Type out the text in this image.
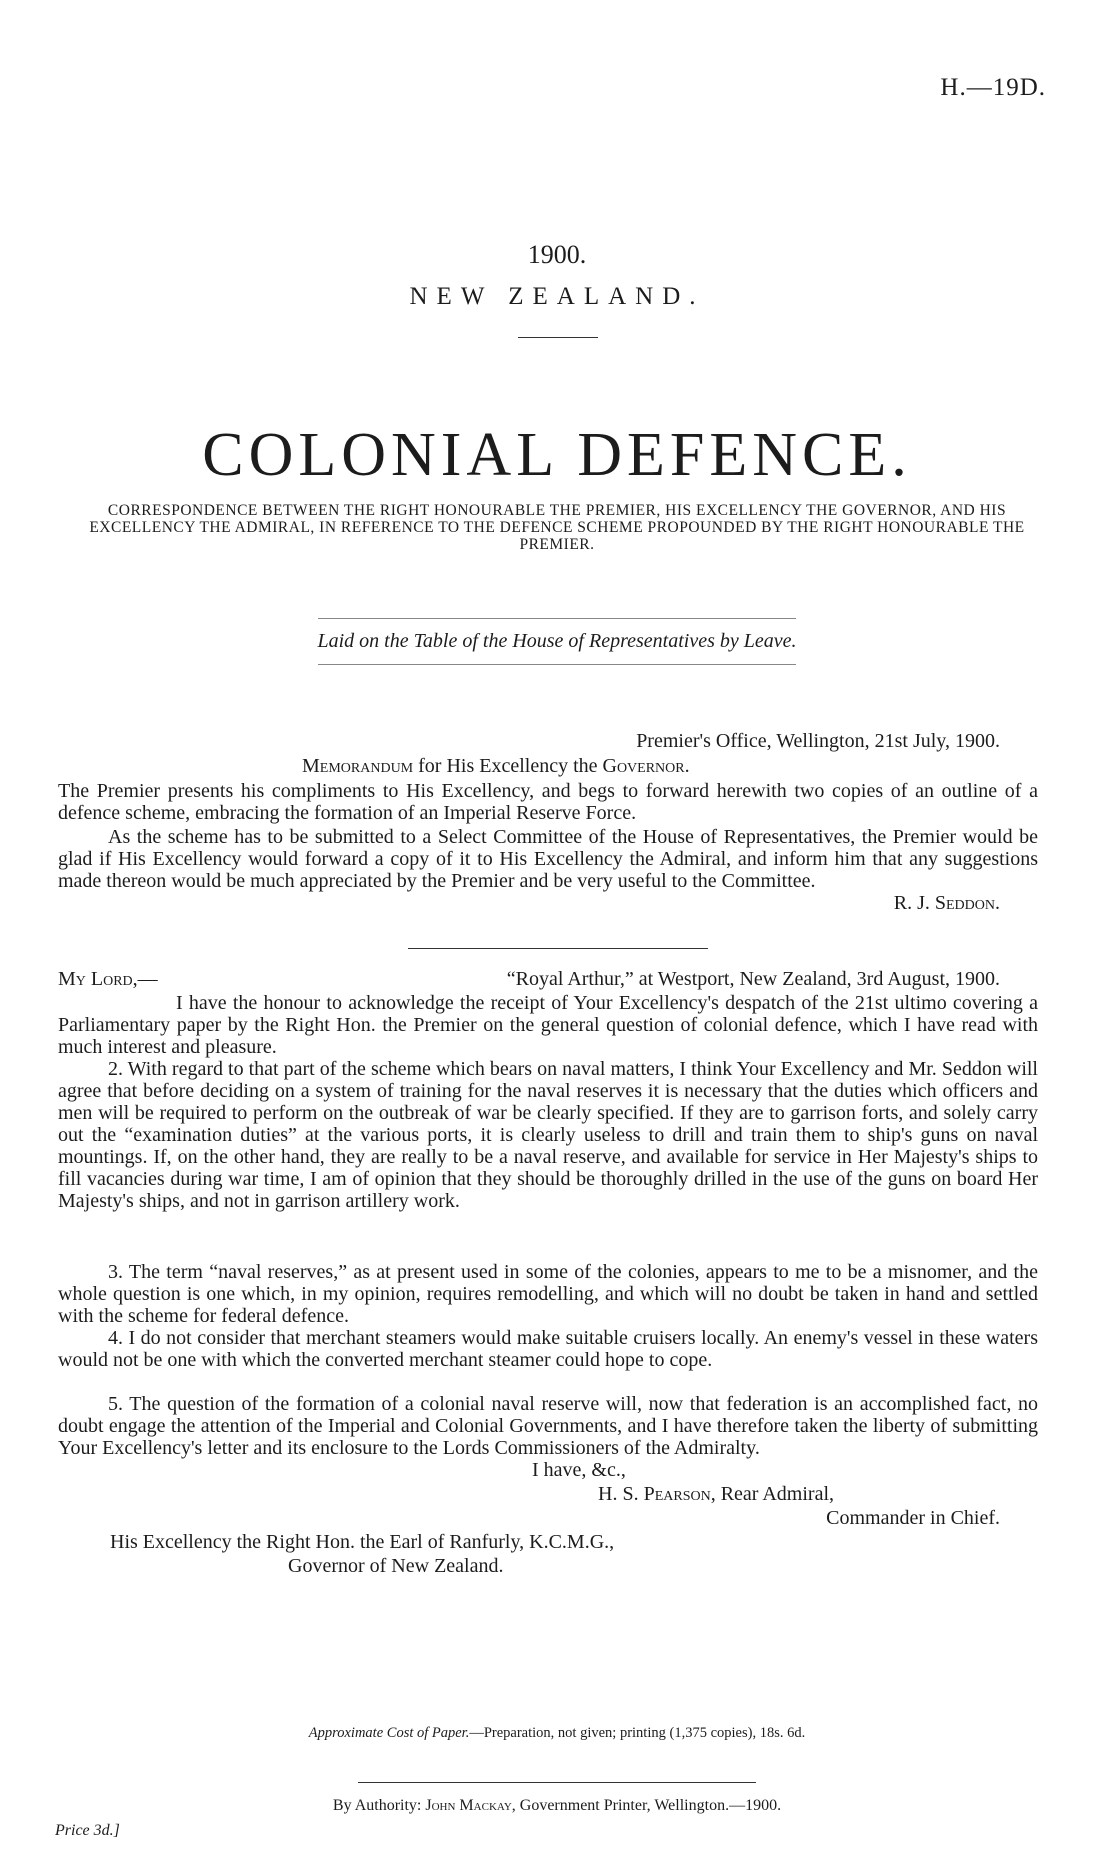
H.—19D.
1900.
NEW ZEALAND.
COLONIAL DEFENCE.
CORRESPONDENCE BETWEEN THE RIGHT HONOURABLE THE PREMIER, HIS EXCELLENCY THE GOVERNOR, AND HIS EXCELLENCY THE ADMIRAL, IN REFERENCE TO THE DEFENCE SCHEME PROPOUNDED BY THE RIGHT HONOURABLE THE PREMIER.
Laid on the Table of the House of Representatives by Leave.
Premier's Office, Wellington, 21st July, 1900.
Memorandum for His Excellency the Governor.
The Premier presents his compliments to His Excellency, and begs to forward herewith two copies of an outline of a defence scheme, embracing the formation of an Imperial Reserve Force.
As the scheme has to be submitted to a Select Committee of the House of Representatives, the Premier would be glad if His Excellency would forward a copy of it to His Excellency the Admiral, and inform him that any suggestions made thereon would be much appreciated by the Premier and be very useful to the Committee.
R. J. Seddon.
My Lord,—	“Royal Arthur,” at Westport, New Zealand, 3rd August, 1900.
I have the honour to acknowledge the receipt of Your Excellency's despatch of the 21st ultimo covering a Parliamentary paper by the Right Hon. the Premier on the general question of colonial defence, which I have read with much interest and pleasure.
2. With regard to that part of the scheme which bears on naval matters, I think Your Excellency and Mr. Seddon will agree that before deciding on a system of training for the naval reserves it is necessary that the duties which officers and men will be required to perform on the outbreak of war be clearly specified. If they are to garrison forts, and solely carry out the “examination duties” at the various ports, it is clearly useless to drill and train them to ship's guns on naval mountings. If, on the other hand, they are really to be a naval reserve, and available for service in Her Majesty's ships to fill vacancies during war time, I am of opinion that they should be thoroughly drilled in the use of the guns on board Her Majesty's ships, and not in garrison artillery work.
3. The term “naval reserves,” as at present used in some of the colonies, appears to me to be a misnomer, and the whole question is one which, in my opinion, requires remodelling, and which will no doubt be taken in hand and settled with the scheme for federal defence.
4. I do not consider that merchant steamers would make suitable cruisers locally. An enemy's vessel in these waters would not be one with which the converted merchant steamer could hope to cope.
5. The question of the formation of a colonial naval reserve will, now that federation is an accomplished fact, no doubt engage the attention of the Imperial and Colonial Governments, and I have therefore taken the liberty of submitting Your Excellency's letter and its enclosure to the Lords Commissioners of the Admiralty.
I have, &c.,
H. S. Pearson, Rear Admiral,
Commander in Chief.
His Excellency the Right Hon. the Earl of Ranfurly, K.C.M.G.,
Governor of New Zealand.
Approximate Cost of Paper.—Preparation, not given; printing (1,375 copies), 18s. 6d.
By Authority: John Mackay, Government Printer, Wellington.—1900.
Price 3d.]
